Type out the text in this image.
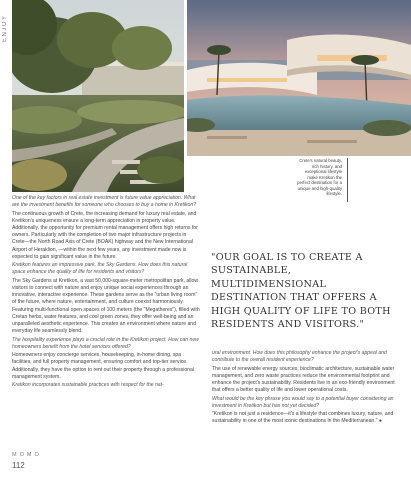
ENJOY
Crete's natural beauty, rich history, and exceptional lifestyle make Kretikon the perfect destination for a unique and high-quality lifestyle.

One of the key factors in real estate investment is future value appreciation. What are the investment benefits for someone who chooses to buy a home in Kretikon?

The continuous growth of Crete, the increasing demand for luxury real estate, and Kretikon's uniqueness ensure a long-term appreciation in property value. Additionally, the opportunity for premium rental management offers high returns for owners. Particularly with the completion of two major infrastructure projects in Crete—the North Road Axis of Crete (BOAK) highway and the New International Airport of Heraklion, —within the next few years, any investment made now is expected to gain significant value in the future.

Kretikon features an impressive park, the Sky Gardens. How does this natural space enhance the quality of life for residents and visitors?

The Sky Gardens at Kretikon, a vast 50,000-square-meter metropolitan park, allow visitors to connect with nature and enjoy unique social experiences through an innovative, interactive experience. These gardens serve as the "urban living room" of the future, where nature, entertainment, and culture coexist harmoniously. Featuring multi-functional open spaces of 100 meters (the "Megatheres"), filled with Cretan herbs, water features, and cool green zones, they offer well-being and an unparalleled aesthetic experience. This creates an environment where nature and everyday life seamlessly blend.

The hospitality experience plays a crucial role in the Kretikon project. How can new homeowners benefit from the hotel services offered?

Homeowners enjoy concierge services, housekeeping, in-home dining, spa facilities, and full property management, ensuring comfort and top-tier service. Additionally, they have the option to rent out their property through a professional management system.

Kretikon incorporates sustainable practices with respect for the nat-

"OUR GOAL IS TO CREATE A SUSTAINABLE, MULTIDIMENSIONAL DESTINATION THAT OFFERS A HIGH QUALITY OF LIFE TO BOTH RESIDENTS AND VISITORS."

ural environment. How does this philosophy enhance the project's appeal and contribute to the overall resident experience?

The use of renewable energy sources, bioclimatic architecture, sustainable water management, and zero waste practices reduce the environmental footprint and enhance the project's sustainability. Residents live in an eco-friendly environment that offers a better quality of life and lower operational costs.

What would be the key phrase you would say to a potential buyer considering an investment in Kretikon but has not yet decided?

"Kretikon is not just a residence—it's a lifestyle that combines luxury, nature, and sustainability in one of the most iconic destinations in the Mediterranean." ●

MOMO
112
